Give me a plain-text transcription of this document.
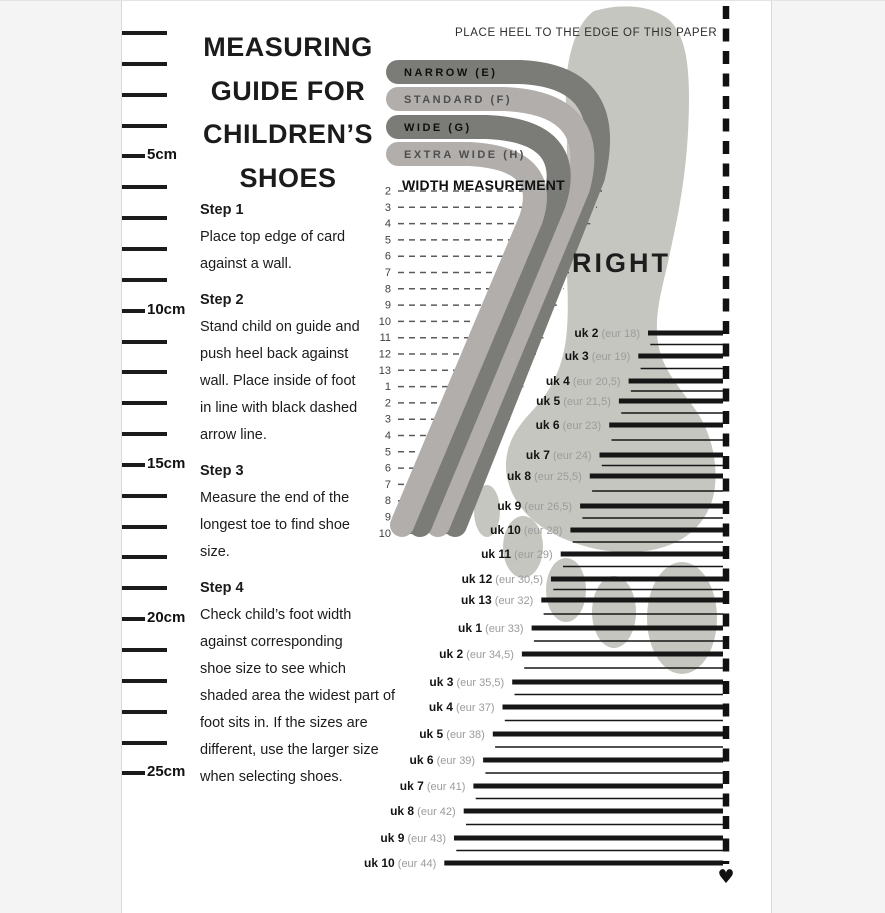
2
3
4
5
6
7
8
9
10
11
12
13
1
2
3
4
5
6
7
8
9
10
NARROW (E)
STANDARD (F)
WIDE (G)
EXTRA WIDE (H)
uk 2 (eur 18)
uk 3 (eur 19)
uk 4 (eur 20,5)
uk 5 (eur 21,5)
uk 6 (eur 23)
uk 7 (eur 24)
uk 8 (eur 25,5)
uk 9 (eur 26,5)
uk 10 (eur 28)
uk 11 (eur 29)
uk 12 (eur 30,5)
uk 13 (eur 32)
uk 1 (eur 33)
uk 2 (eur 34,5)
uk 3 (eur 35,5)
uk 4 (eur 37)
uk 5 (eur 38)
uk 6 (eur 39)
uk 7 (eur 41)
uk 8 (eur 42)
uk 9 (eur 43)
uk 10 (eur 44)
♥
5cm
10cm
15cm
20cm
25cm
MEASURING
GUIDE FOR
CHILDREN’S
SHOES
Step 1
Place top edge of card
against a wall.
Step 2
Stand child on guide and
push heel back against
wall. Place inside of foot
in line with black dashed
arrow line.
Step 3
Measure the end of the
longest toe to find shoe
size.
Step 4
Check child’s foot width
against corresponding
shoe size to see which
shaded area the widest part of
foot sits in. If the sizes are
different, use the larger size
when selecting shoes.
PLACE HEEL TO THE EDGE OF THIS PAPER
WIDTH MEASUREMENT
RIGHT
